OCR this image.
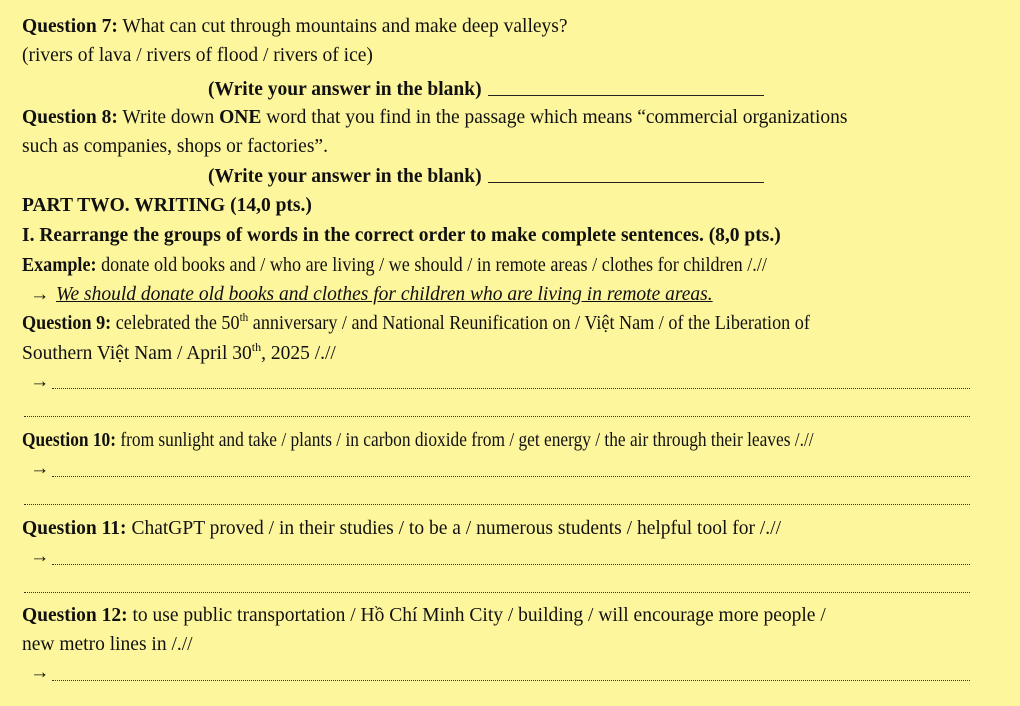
Question 7: What can cut through mountains and make deep valleys?
(rivers of lava / rivers of flood / rivers of ice)
(Write your answer in the blank)
Question 8: Write down ONE word that you find in the passage which means “commercial organizations
such as companies, shops or factories”.
(Write your answer in the blank)
PART TWO. WRITING (14,0 pts.)
I. Rearrange the groups of words in the correct order to make complete sentences. (8,0 pts.)
Example: donate old books and / who are living / we should / in remote areas / clothes for children /.//
→ We should donate old books and clothes for children who are living in remote areas.
Question 9: celebrated the 50th anniversary / and National Reunification on / Việt Nam / of the Liberation of
Southern Việt Nam / April 30th, 2025 /.//
→
Question 10: from sunlight and take / plants / in carbon dioxide from / get energy / the air through their leaves /.//
→
Question 11: ChatGPT proved / in their studies / to be a / numerous students / helpful tool for /.//
→
Question 12: to use public transportation / Hồ Chí Minh City / building / will encourage more people /
new metro lines in /.//
→
